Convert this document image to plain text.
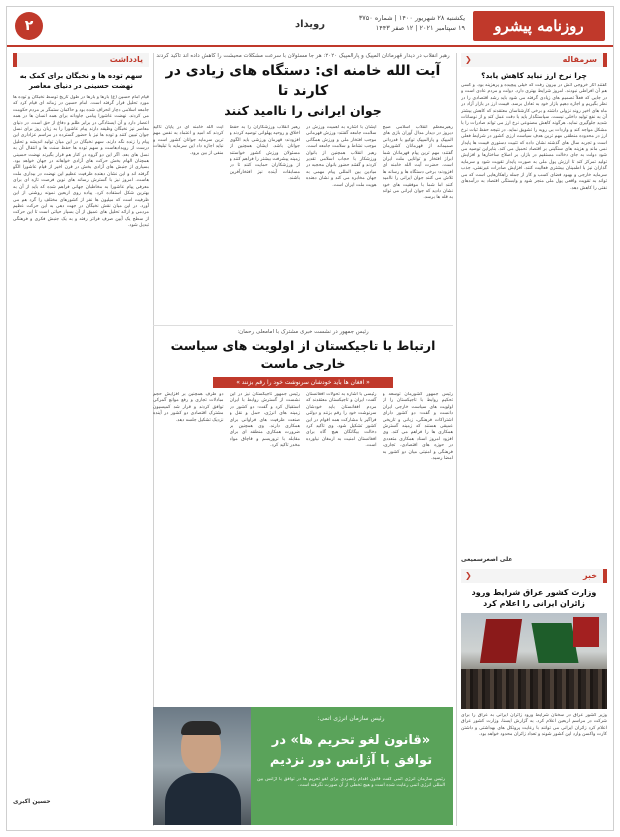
روزنامه پیشرو
یکشنبه ۲۸ شهریور ۱۴۰۰ | شماره ۳۷۵۰
۱۹ سپتامبر ۲۰۲۱ | ۱۲ صفر ۱۴۴۳
رویداد
۲
سرمقاله
❮
چرا نرخ ارز نباید کاهش یابد؟
گفتند آثار خروجی آتش در بیرون رفت که خیلی پیچیده و پرهزینه بود. و کسی هم آن افراطی نبودند. امروز شرایط بهتری دارد. دولت و مردم عادی است و در جایی که فعلاً تصمیم های زیادی گرفته می شود باید رشد اقتصادی را در نظر بگیریم و اجازه دهیم بازار خود به تعادل برسد. قیمت ارز در بازار آزاد در ماه های اخیر روند نزولی داشته و برخی کارشناسان معتقدند که کاهش بیشتر آن به نفع تولید داخلی نیست. سیاستگذار باید با دقت عمل کند و از نوسانات شدید جلوگیری نماید. هرگونه کاهش مصنوعی نرخ ارز می تواند صادرات را با مشکل مواجه کند و واردات بی رویه را تشویق نماید. در نتیجه حفظ ثبات نرخ ارز در محدوده منطقی مهم ترین هدف سیاست ارزی کشور در شرایط فعلی است و تجربه سال های گذشته نشان داده که تثبیت دستوری قیمت ها پایدار نمی ماند و هزینه های سنگینی بر اقتصاد تحمیل می کند. بنابراین توصیه می شود دولت به جای دخالت مستقیم در بازار، بر اصلاح ساختارها و افزایش تولید تمرکز کند تا ارزش پول ملی به صورت پایدار تقویت شود و سرمایه گذاران نیز با اطمینان بیشتری فعالیت کنند. افزایش صادرات غیرنفتی، جذب سرمایه خارجی و بهبود فضای کسب و کار از جمله راهکارهایی است که می تواند به تقویت واقعی پول ملی منجر شود و وابستگی اقتصاد به درآمدهای نفتی را کاهش دهد.
علی اصغرسمیعی
خبر
❮
وزارت کشور عراق شرایط ورود زائران ایرانی را اعلام کرد
وزیر کشور عراق در سخنان شرایط ورود زائران ایرانی به عراق را برای شرکت در مراسم اربعین اعلام کرد. به گزارش ایسنا، وزارت کشور عراق اعلام کرد زائران ایرانی می توانند با رعایت پروتکل های بهداشتی و داشتن کارت واکسن وارد این کشور شوند و تعداد زائران محدود خواهد بود.
رهبر انقلاب در دیدار قهرمانان المپیک و پارالمپیک ۲۰۲۰: هر جا مسئولان با سرعت مشکلات محیشت را کاهش داده اند تاکید کردند
آیت الله خامنه ای: دستگاه های زیادی در کارند تا
جوان ایرانی را ناامید کنند
رهبرمعظم انقلاب اسلامی صبح دیروز در دیدار مدال آوران بازی های المپیک و پارالمپیک توکیو با قدردانی صمیمانه از قهرمانان کشورمان گفتند: مهم ترین پیام قهرمانان شما ابراز افتخار و توانایی ملت ایران است. حضرت آیت الله خامنه ای افزودند: برخی دستگاه ها و رسانه ها تلاش می کنند جوان ایرانی را ناامید کنند اما شما با موفقیت های خود نشان دادید که جوان ایرانی می تواند به قله ها برسد.
ایشان با اشاره به اهمیت ورزش در سلامت جامعه گفتند: ورزش قهرمانی موجب افتخار ملی و ورزش همگانی موجب نشاط و سلامت جامعه است. رهبر انقلاب همچنین از بانوان ورزشکار با حجاب اسلامی تقدیر کردند و گفتند حضور بانوان محجبه در میادین بین المللی پیام مهمی به جهان مخابره می کند و نشان دهنده هویت ملت ایران است.
رهبر انقلاب ورزشکاران را به حفظ اخلاق و روحیه پهلوانی توصیه کردند و افزودند: قهرمان ورزشی باید الگوی جوانان باشد. ایشان همچنین از مسئولان ورزش کشور خواستند زمینه پیشرفت بیشتر را فراهم کنند و از ورزشکاران حمایت کنند تا در مسابقات آینده نیز افتخارآفرین باشند.
آیت الله خامنه ای در پایان تاکید کردند که امید و اعتماد به نفس مهم ترین سرمایه جوانان کشور است و نباید اجازه داد این سرمایه با تبلیغات منفی از بین برود.
رئیس جمهور در نشست خبری مشترک با امامعلی رحمان:
ارتباط با تاجیکستان از اولویت های سیاست خارجی ماست
« افغان ها باید خودشان سرنوشت خود را رقم بزنند »
رئیس جمهور کشورمان توسعه و تحکیم روابط با تاجیکستان را از اولویت های سیاست خارجی ایران دانست و گفت: دو کشور دارای اشتراکات فرهنگی، زبانی و تاریخی عمیقی هستند که زمینه گسترش همکاری ها را فراهم می کند. وی افزود امروز اسناد همکاری متعددی در حوزه های اقتصادی، تجاری، فرهنگی و امنیتی میان دو کشور به امضا رسید.
رئیسی با اشاره به تحولات افغانستان گفت: ایران و تاجیکستان معتقدند که مردم افغانستان باید خودشان سرنوشت خود را رقم بزنند و دولتی فراگیر با مشارکت همه اقوام در این کشور تشکیل شود. وی تاکید کرد دخالت بیگانگان هیچ گاه برای افغانستان امنیت به ارمغان نیاورده است.
رئیس جمهور تاجیکستان نیز در این نشست از گسترش روابط با ایران استقبال کرد و گفت: دو کشور در زمینه های انرژی، حمل و نقل و صنعت ظرفیت های فراوانی برای همکاری دارند. وی همچنین بر ضرورت همکاری منطقه ای برای مقابله با تروریسم و قاچاق مواد مخدر تاکید کرد.
دو طرف همچنین بر افزایش حجم مبادلات تجاری و رفع موانع گمرکی توافق کردند و قرار شد کمیسیون مشترک اقتصادی دو کشور در آینده نزدیک تشکیل جلسه دهد.
رئیس سازمان انرژی اتمی:
«قانون لغو تحریم ها» در توافق با آژانس دور نزدیم
رئیس سازمان انرژی اتمی گفت قانون اقدام راهبردی برای لغو تحریم ها در توافق با آژانس بین المللی انرژی اتمی رعایت شده است و هیچ تخطی از آن صورت نگرفته است.
یادداشت
سهم توده ها و نخبگان برای کمک به نهضت حسینی در دنیای معاصر
قیام امام حسین (ع) بارها و بارها در طول تاریخ توسط نخبگان و توده ها مورد تحلیل قرار گرفته است. امام حسین در زمانه ای قیام کرد که جامعه اسلامی دچار انحراف شده بود و حاکمان ستمگر بر مردم حکومت می کردند. نهضت عاشورا پیامی جاودانه برای همه انسان ها در همه اعصار دارد و آن ایستادگی در برابر ظلم و دفاع از حق است. در دنیای معاصر نیز نخبگان وظیفه دارند پیام عاشورا را به زبان روز برای نسل جوان تبیین کنند و توده ها نیز با حضور گسترده در مراسم عزاداری این پیام را زنده نگه دارند. سهم نخبگان در این میان تولید اندیشه و تحلیل درست از رویدادهاست و سهم توده ها حفظ سنت ها و انتقال آن به نسل های بعد. اگر این دو گروه در کنار هم قرار بگیرند نهضت حسینی همچنان الهام بخش حرکت های آزادی خواهانه در جهان خواهد بود. بسیاری از جنبش های آزادی بخش در قرن اخیر از قیام عاشورا الگو گرفته اند و این نشان دهنده ظرفیت عظیم این نهضت در بیداری ملت هاست. امروز نیز با گسترش رسانه های نوین فرصت تازه ای برای معرفی پیام عاشورا به مخاطبان جهانی فراهم شده که باید از آن به بهترین شکل استفاده کرد. پیاده روی اربعین نمونه روشنی از این ظرفیت است که میلیون ها نفر از کشورهای مختلف را گرد هم می آورد. در این میان نقش نخبگان در جهت دهی به این حرکت عظیم مردمی و ارائه تحلیل های عمیق از آن بسیار حیاتی است تا این حرکت از سطح یک آیین صرف فراتر رفته و به یک جنبش فکری و فرهنگی تبدیل شود.
حسین اکبری
